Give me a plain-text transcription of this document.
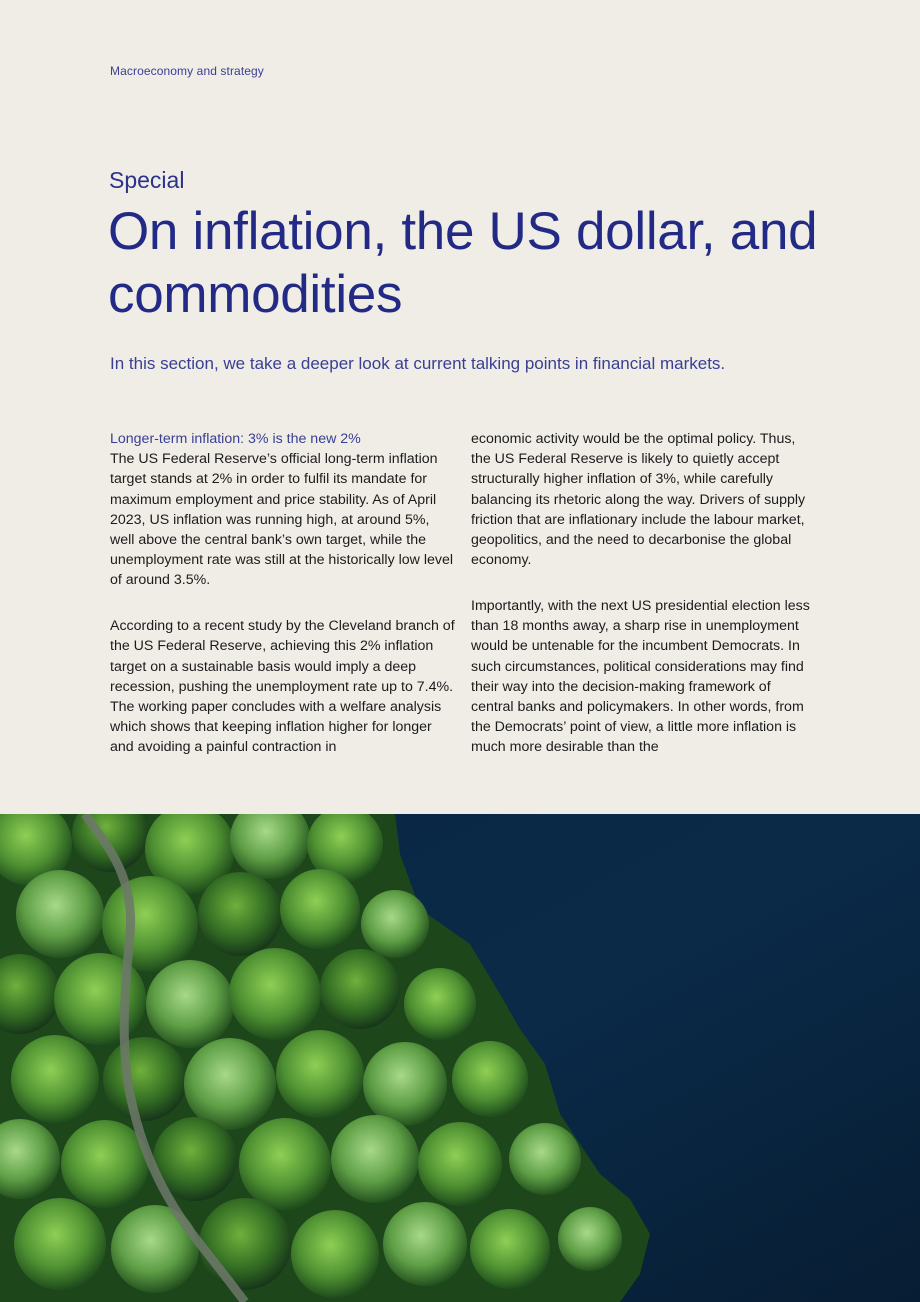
Macroeconomy and strategy
Special
On inflation, the US dollar, and commodities
In this section, we take a deeper look at current talking points in financial markets.

Longer-term inflation: 3% is the new 2%
The US Federal Reserve’s official long-term inflation target stands at 2% in order to fulfil its mandate for maximum employment and price stability. As of April 2023, US inflation was running high, at around 5%, well above the central bank’s own target, while the unemployment rate was still at the historically low level of around 3.5%.

According to a recent study by the Cleveland branch of the US Federal Reserve, achieving this 2% inflation target on a sustainable basis would imply a deep recession, pushing the unemployment rate up to 7.4%. The working paper concludes with a welfare analysis which shows that keeping inflation higher for longer and avoiding a painful contraction in

economic activity would be the optimal policy. Thus, the US Federal Reserve is likely to quietly accept structurally higher inflation of 3%, while carefully balancing its rhetoric along the way. Drivers of supply friction that are inflationary include the labour market, geopolitics, and the need to decarbonise the global economy.

Importantly, with the next US presidential election less than 18 months away, a sharp rise in unemployment would be untenable for the incumbent Democrats. In such circumstances, political considerations may find their way into the decision-making framework of central banks and policymakers. In other words, from the Democrats’ point of view, a little more inflation is much more desirable than the
